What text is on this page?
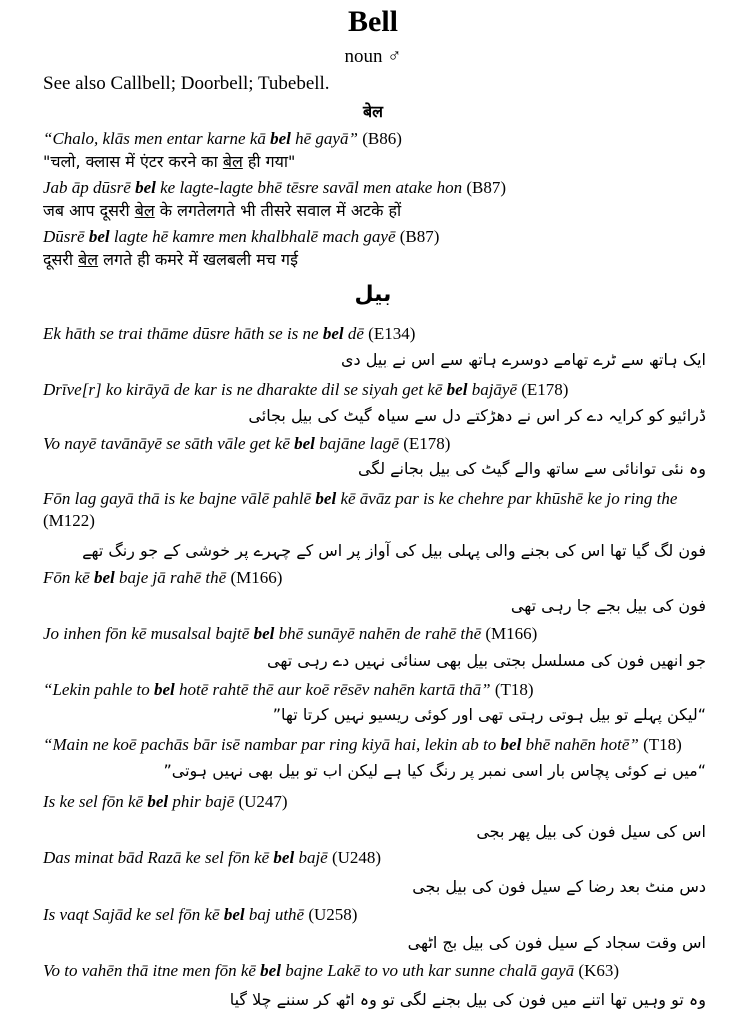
Bell
noun ♂
See also Callbell; Doorbell; Tubebell.
बेल
“Chalo, klās men entar karne kā bel hē gayā” (B86)
"चलो, क्लास में एंटर करने का बेल ही गया"
Jab āp dūsrē bel ke lagte-lagte bhē tēsre savāl men atake hon (B87)
जब आप दूसरी बेल के लगतेलगते भी तीसरे सवाल में अटके हों
Dūsrē bel lagte hē kamre men khalbhalē mach gayē (B87)
दूसरी बेल लगते ही कमरे में खलबली मच गई
بیل
Ek hāth se trai thāme dūsre hāth se is ne bel dē (E134)
ایک ہاتھ سے ٹرے تھامے دوسرے ہاتھ سے اس نے بیل دی
Drīve[r] ko kirāyā de kar is ne dharakte dil se siyah get kē bel bajāyē (E178)
ڈرائیو کو کرایہ دے کر اس نے دھڑکتے دل سے سیاہ گیٹ کی بیل بجائی
Vo nayē tavānāyē se sāth vāle get kē bel bajāne lagē (E178)
وہ نئی توانائی سے ساتھ والے گیٹ کی بیل بجانے لگی
Fōn lag gayā thā is ke bajne vālē pahlē bel kē āvāz par is ke chehre par khūshē ke jo ring the (M122)
فون لگ گیا تھا اس کی بجنے والی پہلی بیل کی آواز پر اس کے چہرے پر خوشی کے جو رنگ تھے
Fōn kē bel baje jā rahē thē (M166)
فون کی بیل بجے جا رہی تھی
Jo inhen fōn kē musalsal bajtē bel bhē sunāyē nahēn de rahē thē (M166)
جو انھیں فون کی مسلسل بجتی بیل بھی سنائی نہیں دے رہی تھی
“Lekin pahle to bel hotē rahtē thē aur koē rēsēv nahēn kartā thā” (T18)
“لیکن پہلے تو بیل ہوتی رہتی تھی اور کوئی ریسیو نہیں کرتا تھا”
“Main ne koē pachās bār isē nambar par ring kiyā hai, lekin ab to bel bhē nahēn hotē” (T18)
“میں نے کوئی پچاس بار اسی نمبر پر رنگ کیا ہے لیکن اب تو بیل بھی نہیں ہوتی”
Is ke sel fōn kē bel phir bajē (U247)
اس کی سیل فون کی بیل پھر بجی
Das minat bād Razā ke sel fōn kē bel bajē (U248)
دس منٹ بعد رضا کے سیل فون کی بیل بجی
Is vaqt Sajād ke sel fōn kē bel baj uthē (U258)
اس وقت سجاد کے سیل فون کی بیل بج اٹھی
Vo to vahēn thā itne men fōn kē bel bajne Lakē to vo uth kar sunne chalā gayā (K63)
وہ تو وہیں تھا اتنے میں فون کی بیل بجنے لگی تو وہ اٹھ کر سننے چلا گیا
